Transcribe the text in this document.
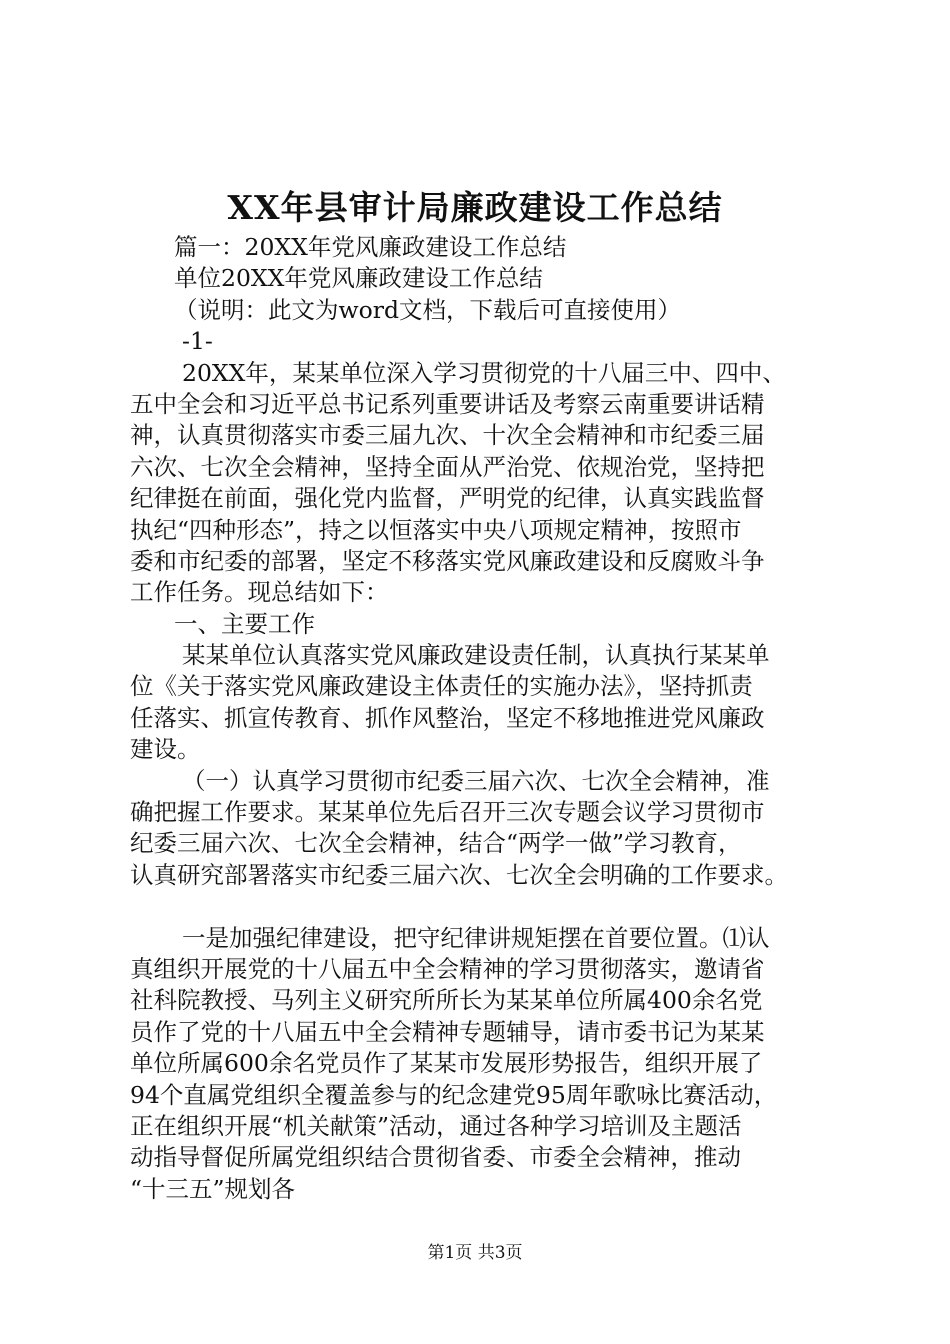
XX年县审计局廉政建设工作总结
篇一：20XX年党风廉政建设工作总结
单位20XX年党风廉政建设工作总结
（说明：此文为word文档，下载后可直接使用）
-1-
20XX年，某某单位深入学习贯彻党的十八届三中、四中、
五中全会和习近平总书记系列重要讲话及考察云南重要讲话精
神，认真贯彻落实市委三届九次、十次全会精神和市纪委三届
六次、七次全会精神，坚持全面从严治党、依规治党，坚持把
纪律挺在前面，强化党内监督，严明党的纪律，认真实践监督
执纪“四种形态”，持之以恒落实中央八项规定精神，按照市
委和市纪委的部署，坚定不移落实党风廉政建设和反腐败斗争
工作任务。现总结如下：
一、主要工作
某某单位认真落实党风廉政建设责任制，认真执行某某单
位《关于落实党风廉政建设主体责任的实施办法》，坚持抓责
任落实、抓宣传教育、抓作风整治，坚定不移地推进党风廉政
建设。
（一）认真学习贯彻市纪委三届六次、七次全会精神，准
确把握工作要求。某某单位先后召开三次专题会议学习贯彻市
纪委三届六次、七次全会精神，结合“两学一做”学习教育，
认真研究部署落实市纪委三届六次、七次全会明确的工作要求。
一是加强纪律建设，把守纪律讲规矩摆在首要位置。⑴认
真组织开展党的十八届五中全会精神的学习贯彻落实，邀请省
社科院教授、马列主义研究所所长为某某单位所属400余名党
员作了党的十八届五中全会精神专题辅导，请市委书记为某某
单位所属600余名党员作了某某市发展形势报告，组织开展了
94个直属党组织全覆盖参与的纪念建党95周年歌咏比赛活动，
正在组织开展“机关献策”活动，通过各种学习培训及主题活
动指导督促所属党组织结合贯彻省委、市委全会精神，推动
“十三五”规划各
第1页 共3页
